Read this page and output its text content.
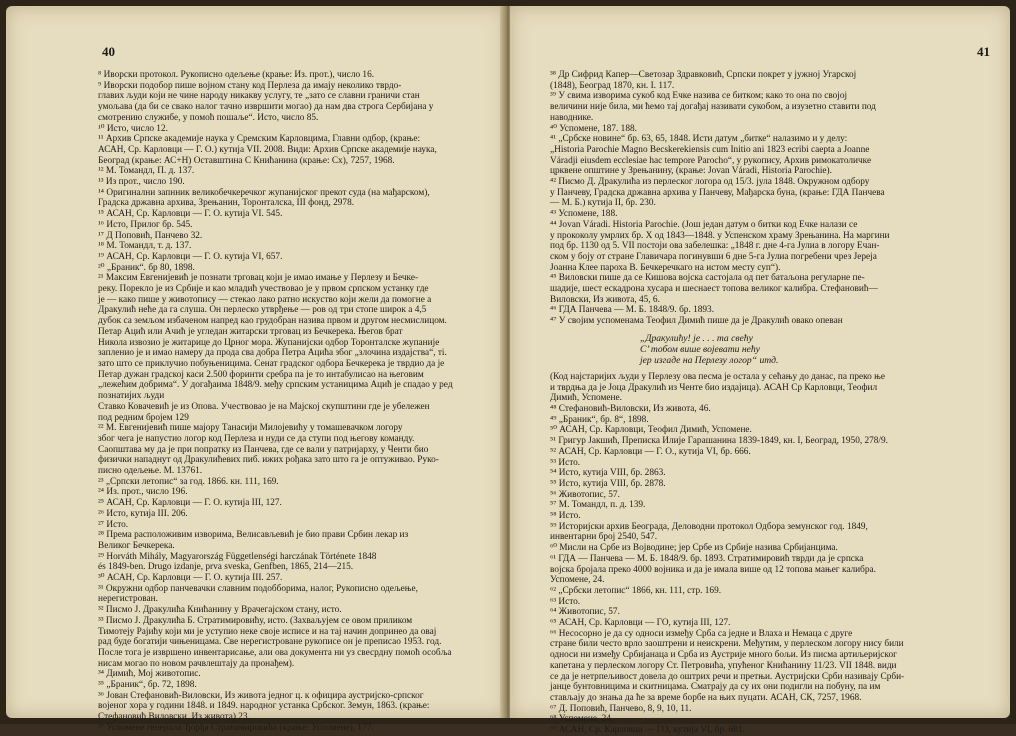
40
⁸ Иворски протокол. Рукописно одељење (крање: Из. прот.), число 16.
⁹ Иворски подобор пише војном стану код Перлеза да имају неколико тврдо-
главих људи који не чине народу никакву услугу, те „зато се славни граничи стан
умољава (да би се свако налог тачно извршити могао) да нам два строга Сербијана у
смотрению служибе, у помоћ пошаље“. Исто, число 85.
¹⁰ Исто, число 12.
¹¹ Архив Српске академије наука у Сремским Карловцима, Главни одбор, (крање:
АСАН, Ср. Карловци — Г. О.) кутија VII. 2008. Види: Архив Српске академије наука,
Београд (крање: АС+Н) Оставштина С Книћанина (крање: Сх), 7257, 1968.
¹² М. Томандл, П. д. 137.
¹³ Из прот., число 190.
¹⁴ Оригинални запнник великобечкеречког жупанијског прекот суда (на мађарском),
Градска државна архива, Зрењанин, Торонталска, III фонд, 2978.
¹⁵ АСАН, Ср. Карловци — Г. О. кутија VI. 545.
¹⁶ Исто, Прилог бр. 545.
¹⁷ Д Поповић, Панчево 32.
¹⁸ М. Томандл, т. д. 137.
¹⁹ АСАН, Ср. Карловци — Г. О. кутија VI, 657.
²⁰ „Браник“. бр 80, 1898.
²¹ Максим Евгенијевић је познати трговац који је имао имање у Перлезу и Бечке-
реку. Порекло је из Србије и као младић учествовао је у првом српском устанку где
је — како пише у животопису — стекао лако ратно искуство који жели да помогне а
Дракулић неће да га слуша. Он перлеско утврђење — ров од три стопе широк а 4,5
дубок са земљом избаченом напред као грудобран назива првом и другом несмислицом.
Петар Ацић или Ачић је угледан житарски трговац из Бечкерека. Његов брат
Никола извозио је житарице до Црног мора. Жупанијски одбор Торонталске жупаније
запленио је и имао намеру да прода сва добра Петра Ацића због „злочина издајства“, ті.
зато што се приклучио побуњеницима. Сенат градског одбора Бечкерека је тврдио да је
Петар дужан градској каси 2.500 форинти сребра па је то интабулисао на његовим
„лежећим добрима“. У догађаима 1848/9. међу српским устаницима Ацић је спадао у ред
познатијих људи
Ставко Ковачевић је из Опова. Учествовао је на Мајској скупштини где је убележен
под редним бројем 129
²² М. Евгенијевић пише мајору Танасији Милојевићу у томашевачком логору
због чега је напустио логор код Перлеза и нуди се да ступи под његову команду.
Саопштава му да је при попратку из Панчева, где се вали у патријарху, у Ченти био
физички нападнут од Дракулићевих пиб. ижих рођака зато што га је оптуживао. Руко-
писно одељење. М. 13761.
²³ „Српски летопис“ за год. 1866. кн. 111, 169.
²⁴ Из. прот., число 196.
²⁵ АСАН, Ср. Карловци — Г. О. кутија III, 127.
²⁶ Исто, кутија III. 206.
²⁷ Исто.
²⁸ Према расположивим изворима, Велисављевић је био прави Србин лекар из
Великог Бечкерека.
²⁹ Horváth Mihály, Magyarország Függetlenségi harczának Története 1848
és 1849-ben. Drugo izdanje, prva sveska, Genfben, 1865, 214—215.
³⁰ АСАН, Ср. Карловци — Г. О. кутија III. 257.
³¹ Окружни одбор панчевачки славним подобборима, налог, Рукописно одељење,
нерегистрован.
³² Писмо Ј. Дракулића Книћанину у Врачегајском стану, исто.
³³ Писмо Ј. Дракулића Б. Стратимировићу, исто. (Захваљујем се овом приликом
Тимотеју Рајићу који ми је уступио неке своје исписе и на тај начин допринео да овај
рад буде богатији чињеницама. Све нерегистроване рукописе он је преписао 1953. год.
После тога је извршено инвентарисање, али ова документа ни уз свесрдну помоћ особља
нисам могао по новом рачвлештају да пронађем).
³⁴ Димић, Мој животопис.
³⁵ „Браник“, бр. 72, 1898.
³⁶ Јован Стефановић-Виловски, Из живота једног ц. к официра аустријско-српског
војеног хора у години 1848. и 1849. народног устанка Србског. Земун, 1863. (крање:
Стефановић Виловски, Из живота) 23.
³⁷ Успомене генерала Ђорђа Стратимировића (крање: Успомене), 177.
41
³⁸ Др Сифрид Капер—Светозар Здравковић, Српски покрет у јужној Угарској
(1848), Београд 1870, кн. I. 117.
³⁹ У свима изворима сукоб код Ечке назива се битком; како то она по својој
величини није била, ми ћемо тај догађај називати сукобом, а изузетно ставити под
наводнике.
⁴⁰ Успомене, 187. 188.
⁴¹ „Србске новине“ бр. 63, 65, 1848. Исти датум „битке“ налазимо и у делу:
„Historia Parochie Magno Becskerekiensis cum Initio ani 1823 ecribi caepta a Joanne
Váradji eiusdem ecclesiae hac tempore Parocho“, у рукопису, Архив римокатоличке
црквене општине у Зрењанину, (крање: Jovan Váradi, Historia Parochie).
⁴² Писмо Д. Дракулића из перлеског логора од 15/3. јула 1848. Окружном одбору
у Панчеву, Градска државна архива у Панчеву, Мађарска буна, (крање: ГДА Панчева
— М. Б.) кутија II, бр. 230.
⁴³ Успомене, 188.
⁴⁴ Jovan Váradi. Historia Parochie. (Још један датум о битки код Ечке налази се
у прококолу умрлих бр. X од 1843—1848. у Успенском храму Зрењанина. На маргини
под бр. 1130 од 5. VII постоји ова забелешка: „1848 г. дне 4-га Јулиа в логору Ечан-
ском у бoју от стране Главичара погинувши 6 дне 5-га Јулиа погребени чрез Јереја
Јоанна Клее пароха В. Бечкеречкаго на истом месту суп“).
⁴⁵ Виловски пише да се Кишова војска састојала од пет батаљона регуларне пе-
шадије, шест ескадрона хусара и шеснаест топова великог калибра. Стефановић—
Виловски, Из живота, 45, 6.
⁴⁶ ГДА Панчева — М. Б. 1848/9. бр. 1893.
⁴⁷ У својим успоменама Теофил Димић пише да је Дракулић овако опеван
„Дракулићу! је . . . та свећу
С’ тобом више војевати нећу
јер изгаде на Перлезу логор“ итд.
(Код најстаријих људи у Перлезу ова песма је остала у сећању до данас, па преко ње
и тврдња да је Јоца Дракулић из Ченте био издајица). АСАН Ср Карловци, Теофил
Димић, Успомене.
⁴⁸ Стефановић-Виловски, Из живота, 46.
⁴⁹ „Браник“, бр. 8“, 1898.
⁵⁰ АСАН, Ср. Карловци, Теофил Димић, Успомене.
⁵¹ Григур Јакшић, Преписка Илије Гарашанина 1839-1849, кн. I, Београд, 1950, 278/9.
⁵² АСАН, Ср. Карловци — Г. О., кутија VI, бр. 666.
⁵³ Исто.
⁵⁴ Исто, кутија VIII, бр. 2863.
⁵⁵ Исто, кутија VIII, бр. 2878.
⁵⁶ Животопис, 57.
⁵⁷ М. Томандл, п. д. 139.
⁵⁸ Исто.
⁵⁹ Историјски архив Београда, Деловодни протокол Одбора земунског год. 1849,
инвентарни број 2540, 547.
⁶⁰ Мисли на Србе из Војводине; јер Србе из Србије назива Србијанцима.
⁶¹ ГДА — Панчева — М. Б. 1848/9. бр. 1893. Стратимировић тврди да је српска
војска бројала преко 4000 војника и да је имала више од 12 топова мањег калибра.
Успомене, 24.
⁶² „Србски летопис“ 1866, кн. 111, стр. 169.
⁶³ Исто.
⁶⁴ Животопис, 57.
⁶⁵ АСАН, Ср. Карловци — ГО, кутија III, 127.
⁶⁶ Несосорно је да су односи између Срба са једне и Влаха и Немаца с друге
стране били често врло заоштрени и неискрени. Међутим, у перлеском логору нису били
односи ни између Србијанаца и Срба из Аустрије много бољи. Из писма артиљеријског
капетана у перлеском логору Ст. Петровића, упућеног Книћанину 11/23. VII 1848. види
се да је нетрпељивост довела до оштрих речи и претњи. Аустријски Срби називају Срби-
јанце бунтовницима и скитницама. Сматрају да су их они подигли на побуну, па им
стављају до знања да ће за време борбе на њих пуцати. АСАН, СК, 7257, 1968.
⁶⁷ Д. Поповић, Панчево, 8, 9, 10, 11.
⁶⁸ Успомене, 24.
⁶⁹ АСАН, Ср. Карловци — ГО, кутија VI, бр. 681.
